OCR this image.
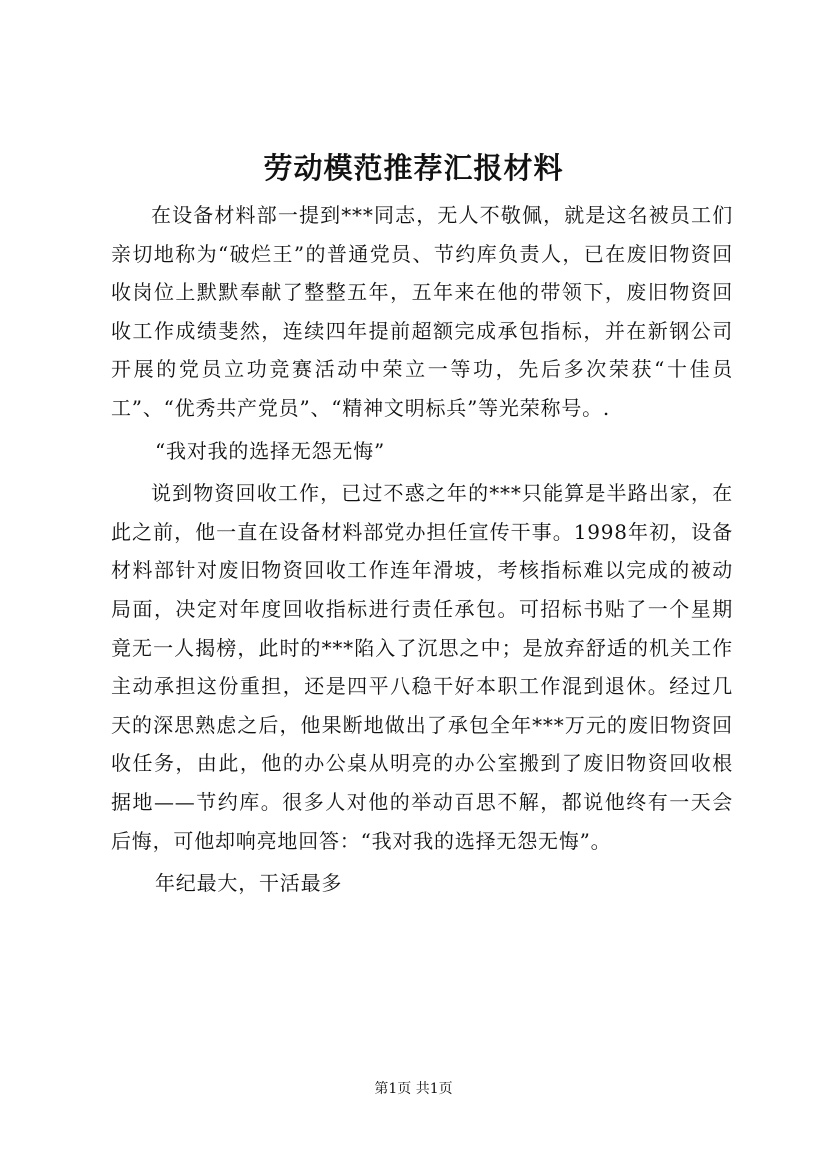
劳动模范推荐汇报材料

在设备材料部一提到***同志，无人不敬佩，就是这名被员工们亲切地称为“破烂王”的普通党员、节约库负责人，已在废旧物资回收岗位上默默奉献了整整五年，五年来在他的带领下，废旧物资回收工作成绩斐然，连续四年提前超额完成承包指标，并在新钢公司开展的党员立功竞赛活动中荣立一等功，先后多次荣获“十佳员工”、“优秀共产党员”、“精神文明标兵”等光荣称号。.

“我对我的选择无怨无悔”

说到物资回收工作，已过不惑之年的***只能算是半路出家，在此之前，他一直在设备材料部党办担任宣传干事。1998年初，设备材料部针对废旧物资回收工作连年滑坡，考核指标难以完成的被动局面，决定对年度回收指标进行责任承包。可招标书贴了一个星期竟无一人揭榜，此时的***陷入了沉思之中；是放弃舒适的机关工作主动承担这份重担，还是四平八稳干好本职工作混到退休。经过几天的深思熟虑之后，他果断地做出了承包全年***万元的废旧物资回收任务，由此，他的办公桌从明亮的办公室搬到了废旧物资回收根据地——节约库。很多人对他的举动百思不解，都说他终有一天会后悔，可他却响亮地回答：“我对我的选择无怨无悔”。

年纪最大，干活最多

第1页 共1页
